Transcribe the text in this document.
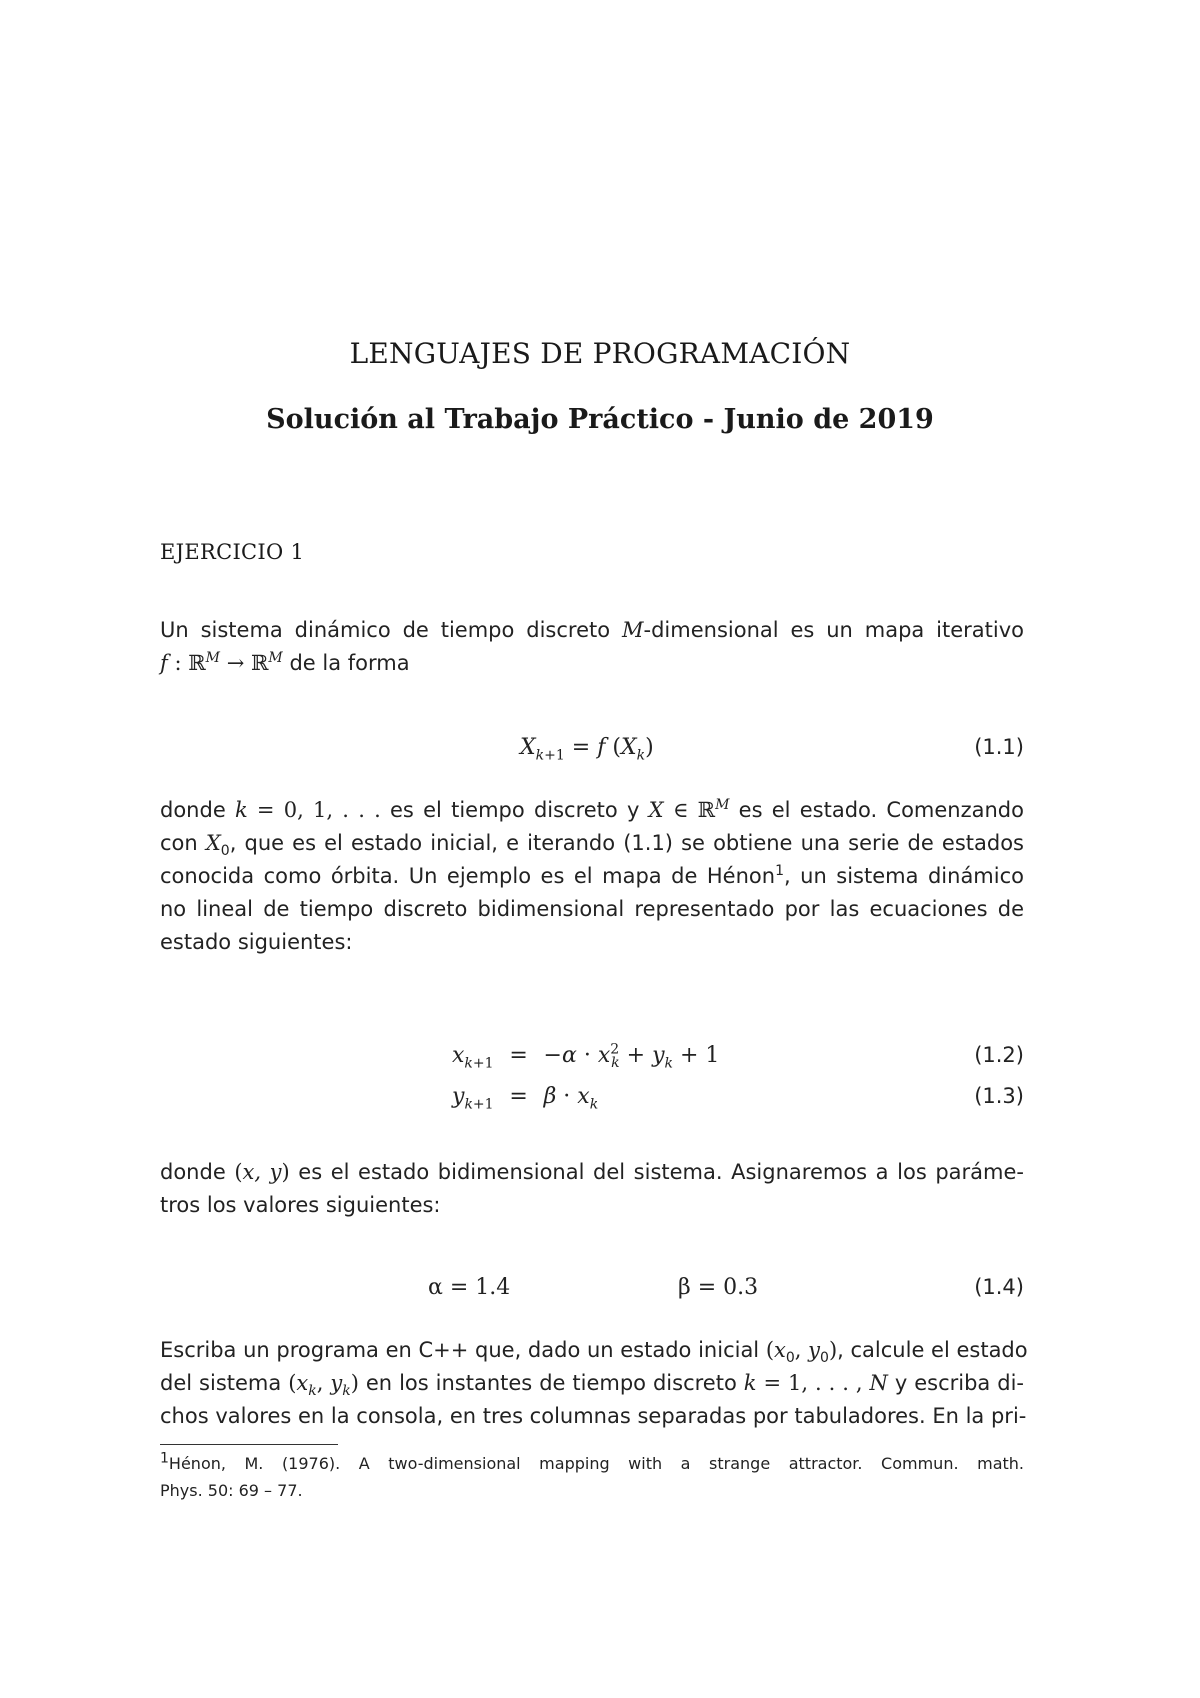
LENGUAJES DE PROGRAMACIÓN
Solución al Trabajo Práctico - Junio de 2019
EJERCICIO 1
Un sistema dinámico de tiempo discreto M-dimensional es un mapa iterativo
f : ℝ$^M$ → ℝ$^M$ de la forma
$X_{k+1} = f$ $(X_k)$	(1.1)
donde k = 0, 1, . . . es el tiempo discreto y X ∈ ℝ$^M$ es el estado. Comenzando
con $X_0$, que es el estado inicial, e iterando (1.1) se obtiene una serie de estados
conocida como órbita. Un ejemplo es el mapa de Hénon$^1$, un sistema dinámico
no lineal de tiempo discreto bidimensional representado por las ecuaciones de
estado siguientes:
$x_{k+1} = -\alpha \cdot x^2_k + y_k + 1$	(1.2)
$y_{k+1} = \beta \cdot x_k$	(1.3)
donde (x, y) es el estado bidimensional del sistema. Asignaremos a los paráme-
tros los valores siguientes:
α = 1.4	β = 0.3	(1.4)
Escriba un programa en C++ que, dado un estado inicial ($x_0$, $y_0$), calcule el estado
del sistema ($x_k$, $y_k$) en los instantes de tiempo discreto k = 1, . . . , N y escriba di-
chos valores en la consola, en tres columnas separadas por tabuladores. En la pri-
$^1$Hénon, M. (1976). A two-dimensional mapping with a strange attractor. Commun. math.
Phys. 50: 69 – 77.
